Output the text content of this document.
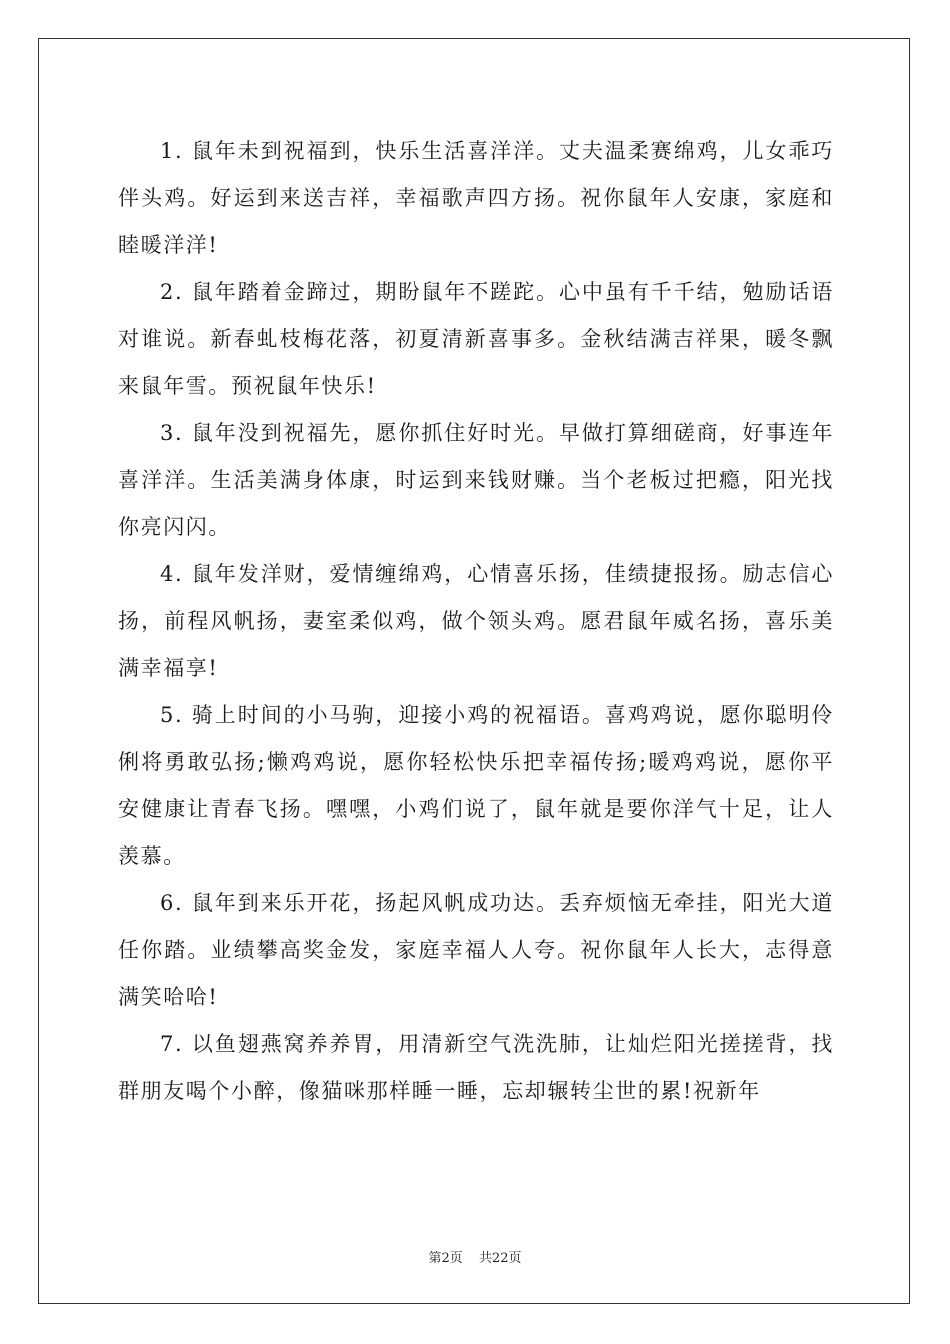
1. 鼠年未到祝福到，快乐生活喜洋洋。丈夫温柔赛绵鸡，儿女乖巧伴头鸡。好运到来送吉祥，幸福歌声四方扬。祝你鼠年人安康，家庭和睦暖洋洋!

2. 鼠年踏着金蹄过，期盼鼠年不蹉跎。心中虽有千千结，勉励话语对谁说。新春虬枝梅花落，初夏清新喜事多。金秋结满吉祥果，暖冬飘来鼠年雪。预祝鼠年快乐!

3. 鼠年没到祝福先，愿你抓住好时光。早做打算细磋商，好事连年喜洋洋。生活美满身体康，时运到来钱财赚。当个老板过把瘾，阳光找你亮闪闪。

4. 鼠年发洋财，爱情缠绵鸡，心情喜乐扬，佳绩捷报扬。励志信心扬，前程风帆扬，妻室柔似鸡，做个领头鸡。愿君鼠年威名扬，喜乐美满幸福享!

5. 骑上时间的小马驹，迎接小鸡的祝福语。喜鸡鸡说，愿你聪明伶俐将勇敢弘扬;懒鸡鸡说，愿你轻松快乐把幸福传扬;暖鸡鸡说，愿你平安健康让青春飞扬。嘿嘿，小鸡们说了，鼠年就是要你洋气十足，让人羡慕。

6. 鼠年到来乐开花，扬起风帆成功达。丢弃烦恼无牵挂，阳光大道任你踏。业绩攀高奖金发，家庭幸福人人夸。祝你鼠年人长大，志得意满笑哈哈!

7. 以鱼翅燕窝养养胃，用清新空气洗洗肺，让灿烂阳光搓搓背，找群朋友喝个小醉，像猫咪那样睡一睡，忘却辗转尘世的累!祝新年

第2页 共22页
